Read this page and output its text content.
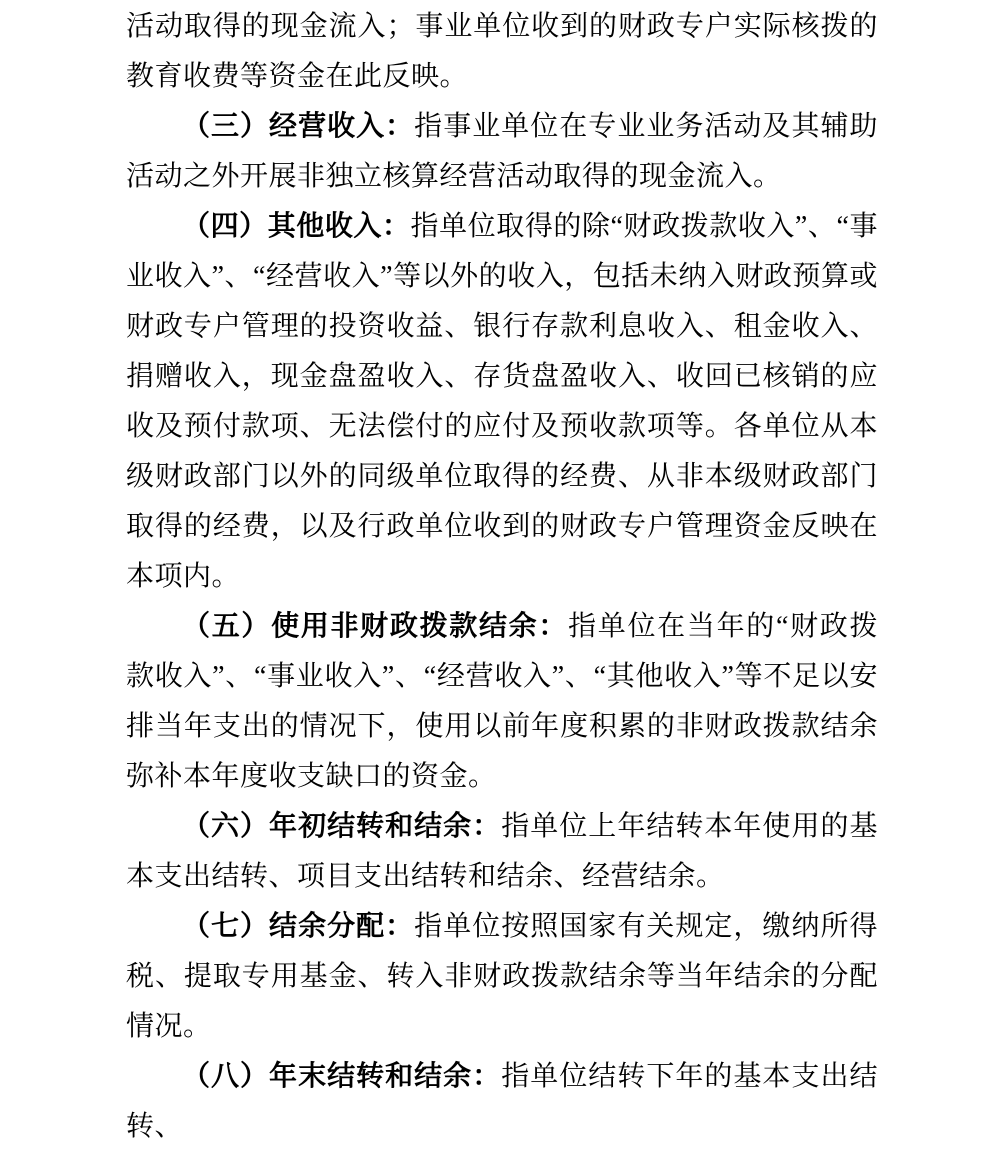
活动取得的现金流入；事业单位收到的财政专户实际核拨的教育收费等资金在此反映。

（三）经营收入：指事业单位在专业业务活动及其辅助活动之外开展非独立核算经营活动取得的现金流入。

（四）其他收入：指单位取得的除“财政拨款收入”、“事业收入”、“经营收入”等以外的收入，包括未纳入财政预算或财政专户管理的投资收益、银行存款利息收入、租金收入、捐赠收入，现金盘盈收入、存货盘盈收入、收回已核销的应收及预付款项、无法偿付的应付及预收款项等。各单位从本级财政部门以外的同级单位取得的经费、从非本级财政部门取得的经费，以及行政单位收到的财政专户管理资金反映在本项内。

（五）使用非财政拨款结余：指单位在当年的“财政拨款收入”、“事业收入”、“经营收入”、“其他收入”等不足以安排当年支出的情况下，使用以前年度积累的非财政拨款结余弥补本年度收支缺口的资金。

（六）年初结转和结余：指单位上年结转本年使用的基本支出结转、项目支出结转和结余、经营结余。

（七）结余分配：指单位按照国家有关规定，缴纳所得税、提取专用基金、转入非财政拨款结余等当年结余的分配情况。

（八）年末结转和结余：指单位结转下年的基本支出结转、
